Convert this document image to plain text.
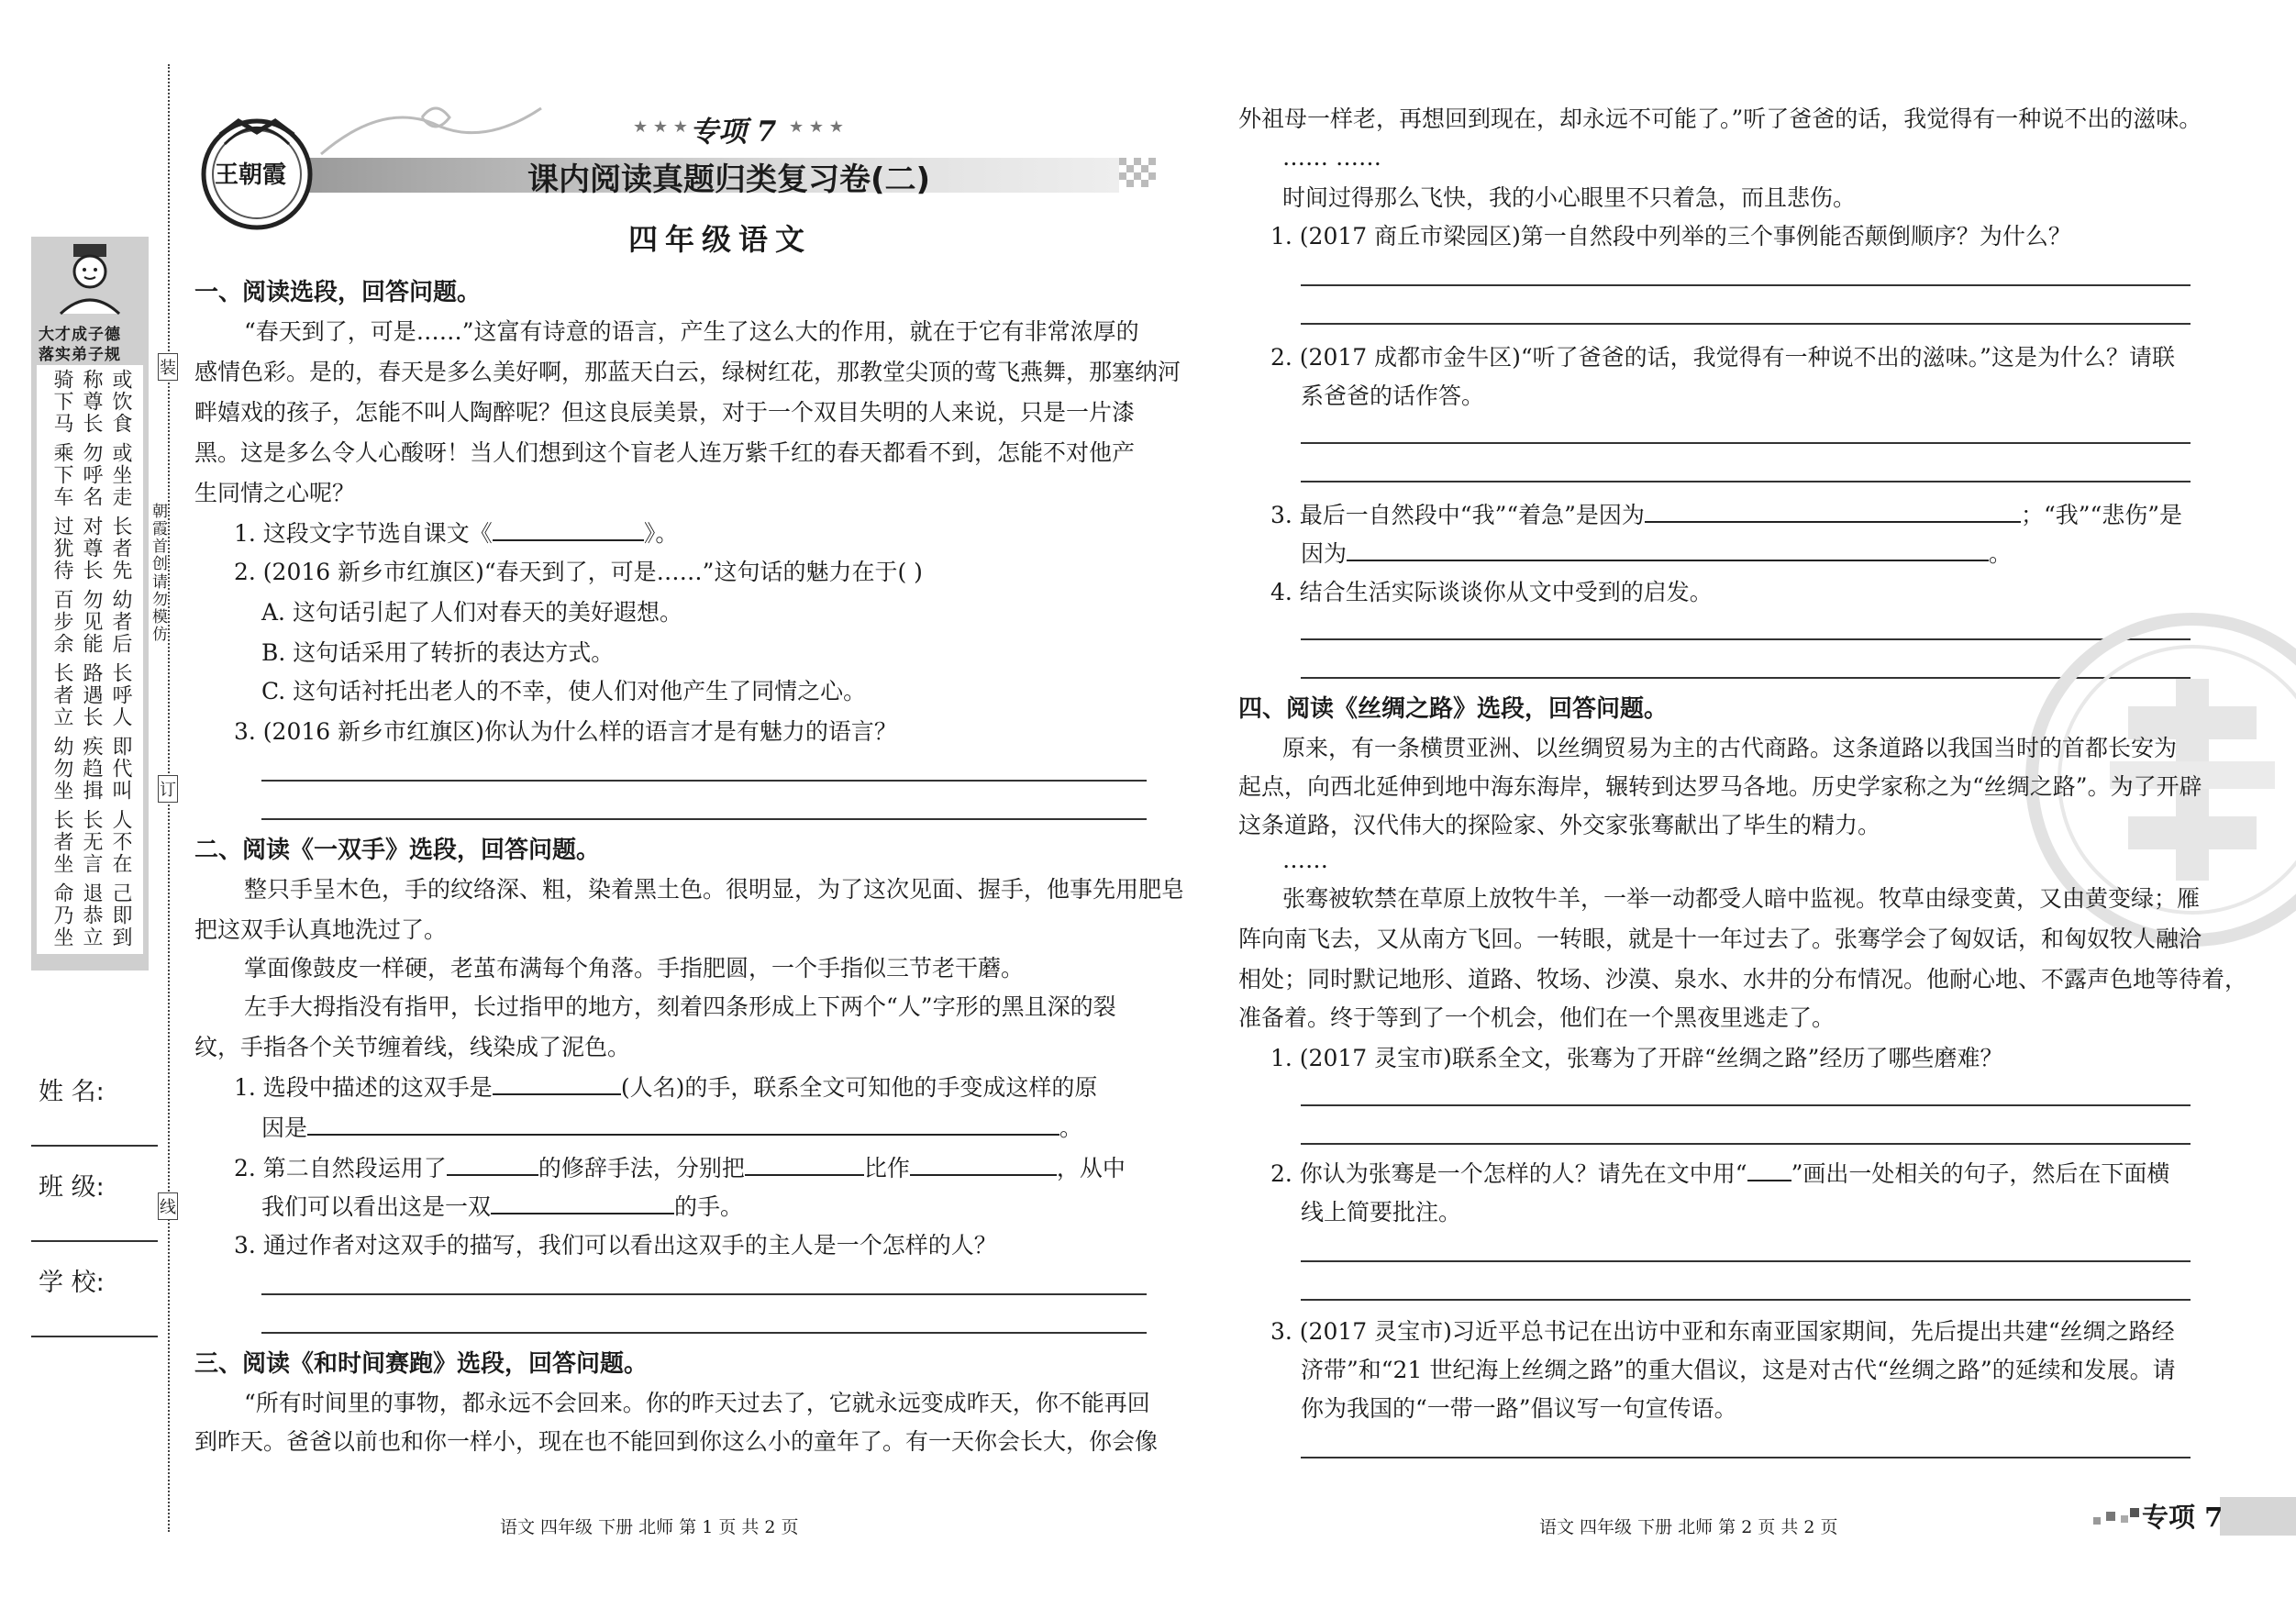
王朝霞
★ ★ ★ 专项 7 ★ ★ ★
课内阅读真题归类复习卷(二)
四年级语文
大才成子德
落实弟子规
骑下马 称尊长 或饮食
乘下车 勿呼名 或坐走
过犹待 对尊长 长者先
百步余 勿见能 幼者后
长者立 路遇长 长呼人
幼勿坐 疾趋揖 即代叫
长者坐 长无言 人不在
命乃坐 退恭立 己即到
装
订
线
朝霞首创
请勿模仿
姓 名:
班 级:
学 校:
一、阅读选段，回答问题。
“春天到了，可是……”这富有诗意的语言，产生了这么大的作用，就在于它有非常浓厚的
感情色彩。是的，春天是多么美好啊，那蓝天白云，绿树红花，那教堂尖顶的莺飞燕舞，那塞纳河
畔嬉戏的孩子，怎能不叫人陶醉呢？但这良辰美景，对于一个双目失明的人来说，只是一片漆
黑。这是多么令人心酸呀！当人们想到这个盲老人连万紫千红的春天都看不到，怎能不对他产
生同情之心呢？
1. 这段文字节选自课文《	》。
2. (2016 新乡市红旗区)“春天到了，可是……”这句话的魅力在于( )
A. 这句话引起了人们对春天的美好遐想。
B. 这句话采用了转折的表达方式。
C. 这句话衬托出老人的不幸，使人们对他产生了同情之心。
3. (2016 新乡市红旗区)你认为什么样的语言才是有魅力的语言？
二、阅读《一双手》选段，回答问题。
整只手呈木色，手的纹络深、粗，染着黑土色。很明显，为了这次见面、握手，他事先用肥皂
把这双手认真地洗过了。
掌面像鼓皮一样硬，老茧布满每个角落。手指肥圆，一个手指似三节老干蘑。
左手大拇指没有指甲，长过指甲的地方，刻着四条形成上下两个“人”字形的黑且深的裂
纹，手指各个关节缠着线，线染成了泥色。
1. 选段中描述的这双手是	(人名)的手，联系全文可知他的手变成这样的原
因是	。
2. 第二自然段运用了	的修辞手法，分别把	比作	，从中
我们可以看出这是一双	的手。
3. 通过作者对这双手的描写，我们可以看出这双手的主人是一个怎样的人？
三、阅读《和时间赛跑》选段，回答问题。
“所有时间里的事物，都永远不会回来。你的昨天过去了，它就永远变成昨天，你不能再回
到昨天。爸爸以前也和你一样小，现在也不能回到你这么小的童年了。有一天你会长大，你会像
语文 四年级 下册 北师 第 1 页 共 2 页
外祖母一样老，再想回到现在，却永远不可能了。”听了爸爸的话，我觉得有一种说不出的滋味。
…… ……
时间过得那么飞快，我的小心眼里不只着急，而且悲伤。
1. (2017 商丘市梁园区)第一自然段中列举的三个事例能否颠倒顺序？为什么？
2. (2017 成都市金牛区)“听了爸爸的话，我觉得有一种说不出的滋味。”这是为什么？请联
系爸爸的话作答。
3. 最后一自然段中“我”“着急”是因为	；“我”“悲伤”是
因为	。
4. 结合生活实际谈谈你从文中受到的启发。
四、阅读《丝绸之路》选段，回答问题。
原来，有一条横贯亚洲、以丝绸贸易为主的古代商路。这条道路以我国当时的首都长安为
起点，向西北延伸到地中海东海岸，辗转到达罗马各地。历史学家称之为“丝绸之路”。为了开辟
这条道路，汉代伟大的探险家、外交家张骞献出了毕生的精力。
……
张骞被软禁在草原上放牧牛羊，一举一动都受人暗中监视。牧草由绿变黄，又由黄变绿；雁
阵向南飞去，又从南方飞回。一转眼，就是十一年过去了。张骞学会了匈奴话，和匈奴牧人融洽
相处；同时默记地形、道路、牧场、沙漠、泉水、水井的分布情况。他耐心地、不露声色地等待着，
准备着。终于等到了一个机会，他们在一个黑夜里逃走了。
1. (2017 灵宝市)联系全文，张骞为了开辟“丝绸之路”经历了哪些磨难？
2. 你认为张骞是一个怎样的人？请先在文中用“ ”画出一处相关的句子，然后在下面横
线上简要批注。
3. (2017 灵宝市)习近平总书记在出访中亚和东南亚国家期间，先后提出共建“丝绸之路经
济带”和“21 世纪海上丝绸之路”的重大倡议，这是对古代“丝绸之路”的延续和发展。请
你为我国的“一带一路”倡议写一句宣传语。
语文 四年级 下册 北师 第 2 页 共 2 页	专项 7
